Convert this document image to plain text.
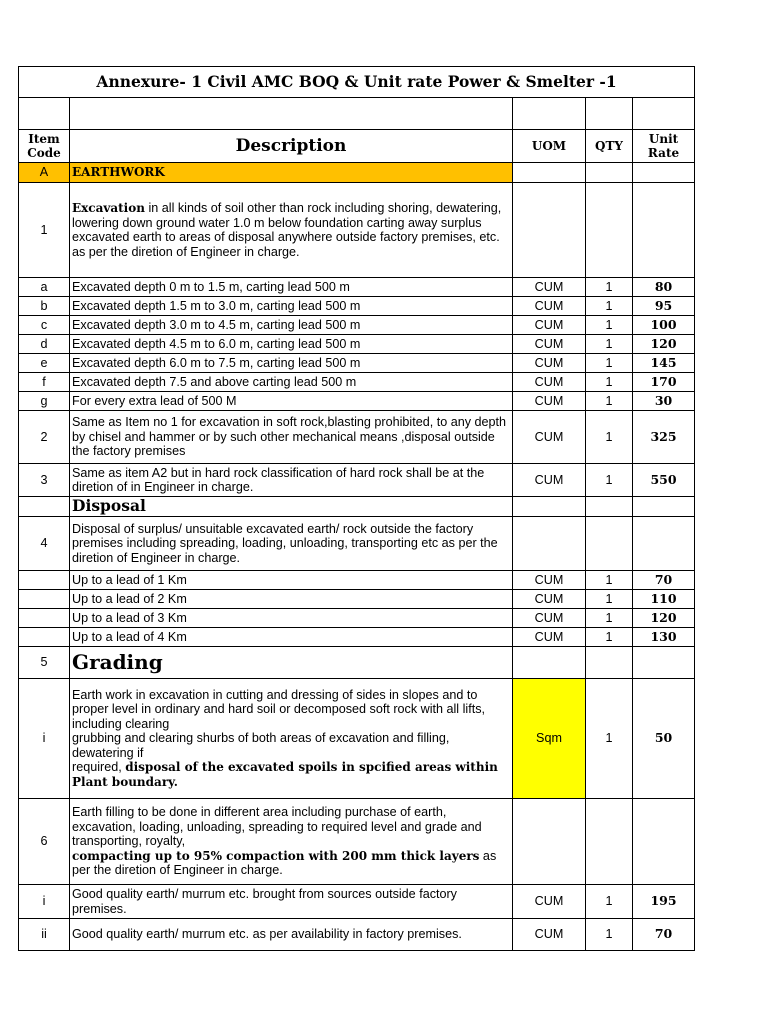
Annexure- 1 Civil AMC BOQ & Unit rate Power & Smelter -1				

Item Code	Description	UOM	QTY	Unit Rate
A	EARTHWORK			
1	Excavation in all kinds of soil other than rock including shoring, dewatering,
lowering down ground water 1.0 m below foundation carting away surplus excavated earth to areas of disposal anywhere outside factory premises, etc. as per the diretion of Engineer in charge.			
a	Excavated depth 0 m to 1.5 m, carting lead 500 m	CUM	1	80
b	Excavated depth 1.5 m to 3.0 m, carting lead 500 m	CUM	1	95
c	Excavated depth 3.0 m to 4.5 m, carting lead 500 m	CUM	1	100
d	Excavated depth 4.5 m to 6.0 m, carting lead 500 m	CUM	1	120
e	Excavated depth 6.0 m to 7.5 m, carting lead 500 m	CUM	1	145
f	Excavated depth 7.5 and above carting lead 500 m	CUM	1	170
g	For every extra lead of 500 M	CUM	1	30
2	Same as Item no 1 for excavation in soft rock,blasting prohibited, to any depth by chisel and hammer or by such other mechanical means ,disposal outside the factory premises	CUM	1	325
3	Same as item A2 but in hard rock classification of hard rock shall be at the diretion of in Engineer in charge.	CUM	1	550
	Disposal			
4	Disposal of surplus/ unsuitable excavated earth/ rock outside the factory premises including spreading, loading, unloading, transporting etc as per the diretion of Engineer in charge.			
	Up to a lead of 1 Km	CUM	1	70
	Up to a lead of 2 Km	CUM	1	110
	Up to a lead of 3 Km	CUM	1	120
	Up to a lead of 4 Km	CUM	1	130
5	Grading			
i	Earth work in excavation in cutting and dressing of sides in slopes and to proper level in ordinary and hard soil or decomposed soft rock with all lifts, including clearing
grubbing and clearing shurbs of both areas of excavation and filling, dewatering if
required, disposal of the excavated spoils in spcified areas within Plant boundary.	Sqm	1	50
6	Earth filling to be done in different area including purchase of earth, excavation, loading, unloading, spreading to required level and grade and transporting, royalty,
compacting up to 95% compaction with 200 mm thick layers as per the diretion of Engineer in charge.			
i	Good quality earth/ murrum etc. brought from sources outside factory premises.	CUM	1	195
ii	Good quality earth/ murrum etc. as per availability in factory premises.	CUM	1	70
